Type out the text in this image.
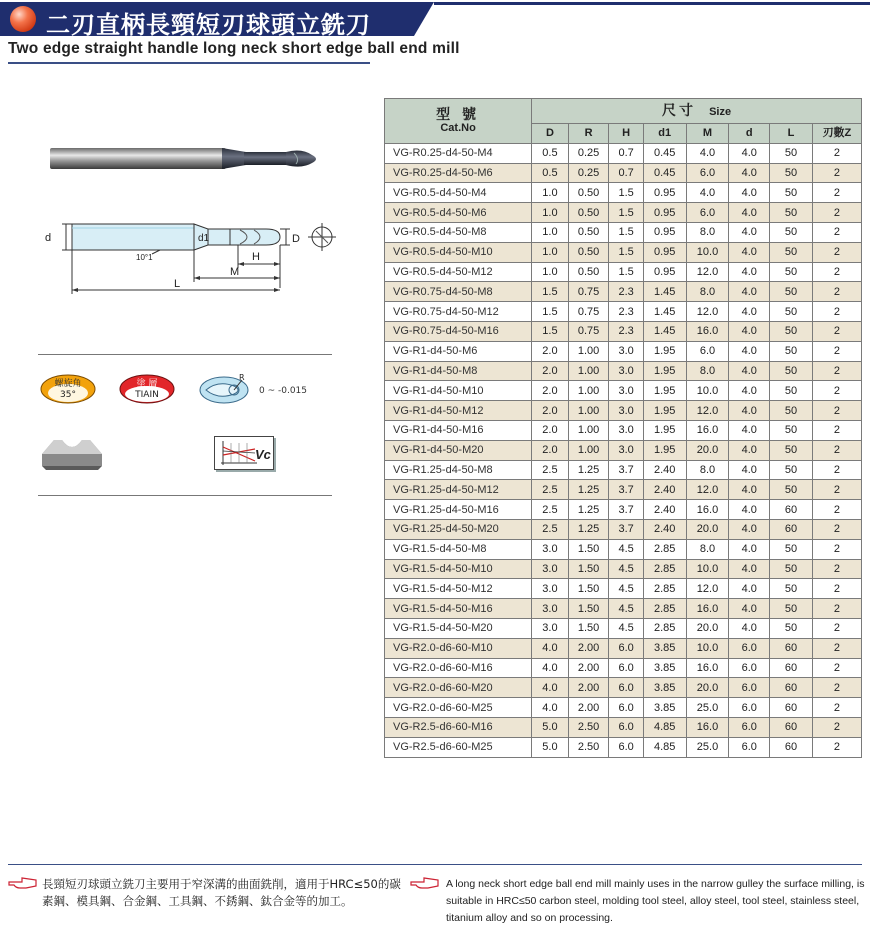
二刃直柄長頸短刃球頭立銑刀
Two edge straight handle long neck short edge ball end mill
d	d1	D
H
M
L
10°1
螺旋角
35°
塗 層
TIAIN
R
0 ~ -0.015
Vc
型 號
Cat.No	尺寸 Size							
	D	R	H	d1	M	d	L	刃數Z
VG-R0.25-d4-50-M4	0.5	0.25	0.7	0.45	4.0	4.0	50	2
VG-R0.25-d4-50-M6	0.5	0.25	0.7	0.45	6.0	4.0	50	2
VG-R0.5-d4-50-M4	1.0	0.50	1.5	0.95	4.0	4.0	50	2
VG-R0.5-d4-50-M6	1.0	0.50	1.5	0.95	6.0	4.0	50	2
VG-R0.5-d4-50-M8	1.0	0.50	1.5	0.95	8.0	4.0	50	2
VG-R0.5-d4-50-M10	1.0	0.50	1.5	0.95	10.0	4.0	50	2
VG-R0.5-d4-50-M12	1.0	0.50	1.5	0.95	12.0	4.0	50	2
VG-R0.75-d4-50-M8	1.5	0.75	2.3	1.45	8.0	4.0	50	2
VG-R0.75-d4-50-M12	1.5	0.75	2.3	1.45	12.0	4.0	50	2
VG-R0.75-d4-50-M16	1.5	0.75	2.3	1.45	16.0	4.0	50	2
VG-R1-d4-50-M6	2.0	1.00	3.0	1.95	6.0	4.0	50	2
VG-R1-d4-50-M8	2.0	1.00	3.0	1.95	8.0	4.0	50	2
VG-R1-d4-50-M10	2.0	1.00	3.0	1.95	10.0	4.0	50	2
VG-R1-d4-50-M12	2.0	1.00	3.0	1.95	12.0	4.0	50	2
VG-R1-d4-50-M16	2.0	1.00	3.0	1.95	16.0	4.0	50	2
VG-R1-d4-50-M20	2.0	1.00	3.0	1.95	20.0	4.0	50	2
VG-R1.25-d4-50-M8	2.5	1.25	3.7	2.40	8.0	4.0	50	2
VG-R1.25-d4-50-M12	2.5	1.25	3.7	2.40	12.0	4.0	50	2
VG-R1.25-d4-50-M16	2.5	1.25	3.7	2.40	16.0	4.0	60	2
VG-R1.25-d4-50-M20	2.5	1.25	3.7	2.40	20.0	4.0	60	2
VG-R1.5-d4-50-M8	3.0	1.50	4.5	2.85	8.0	4.0	50	2
VG-R1.5-d4-50-M10	3.0	1.50	4.5	2.85	10.0	4.0	50	2
VG-R1.5-d4-50-M12	3.0	1.50	4.5	2.85	12.0	4.0	50	2
VG-R1.5-d4-50-M16	3.0	1.50	4.5	2.85	16.0	4.0	50	2
VG-R1.5-d4-50-M20	3.0	1.50	4.5	2.85	20.0	4.0	50	2
VG-R2.0-d6-60-M10	4.0	2.00	6.0	3.85	10.0	6.0	60	2
VG-R2.0-d6-60-M16	4.0	2.00	6.0	3.85	16.0	6.0	60	2
VG-R2.0-d6-60-M20	4.0	2.00	6.0	3.85	20.0	6.0	60	2
VG-R2.0-d6-60-M25	4.0	2.00	6.0	3.85	25.0	6.0	60	2
VG-R2.5-d6-60-M16	5.0	2.50	6.0	4.85	16.0	6.0	60	2
VG-R2.5-d6-60-M25	5.0	2.50	6.0	4.85	25.0	6.0	60	2
長頸短刃球頭立銑刀主要用于窄深溝的曲面銑削，適用于HRC≤50的碳素鋼、模具鋼、合金鋼、工具鋼、不銹鋼、鈦合金等的加工。
A long neck short edge ball end mill mainly uses in the narrow gulley the surface milling, is suitable in HRC≤50 carbon steel, molding tool steel, alloy steel, tool steel, stainless steel, titanium alloy and so on processing.
